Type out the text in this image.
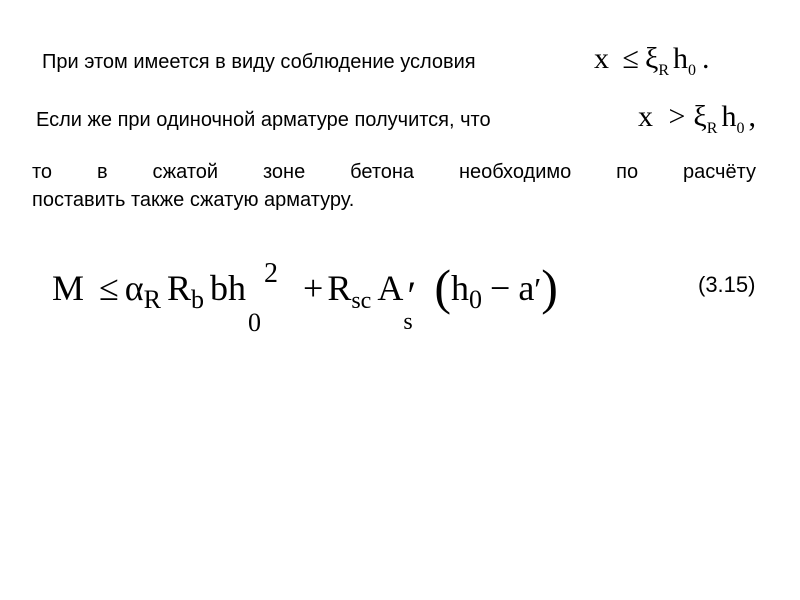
При этом имеется в виду соблюдение условия	$x \le \xi_R$ $h_0$ .
Если же при одиночной арматуре получится, что	$x > \xi_R$ $h_0$ ,
то в сжатой зоне бетона необходимо по расчёту
поставить также сжатую арматуру.
$M \le \alpha_R$ $R_b$ bh 2
0
+ $R_{sc}$ A ′
s
$(h_0 - a')$	(3.15)
